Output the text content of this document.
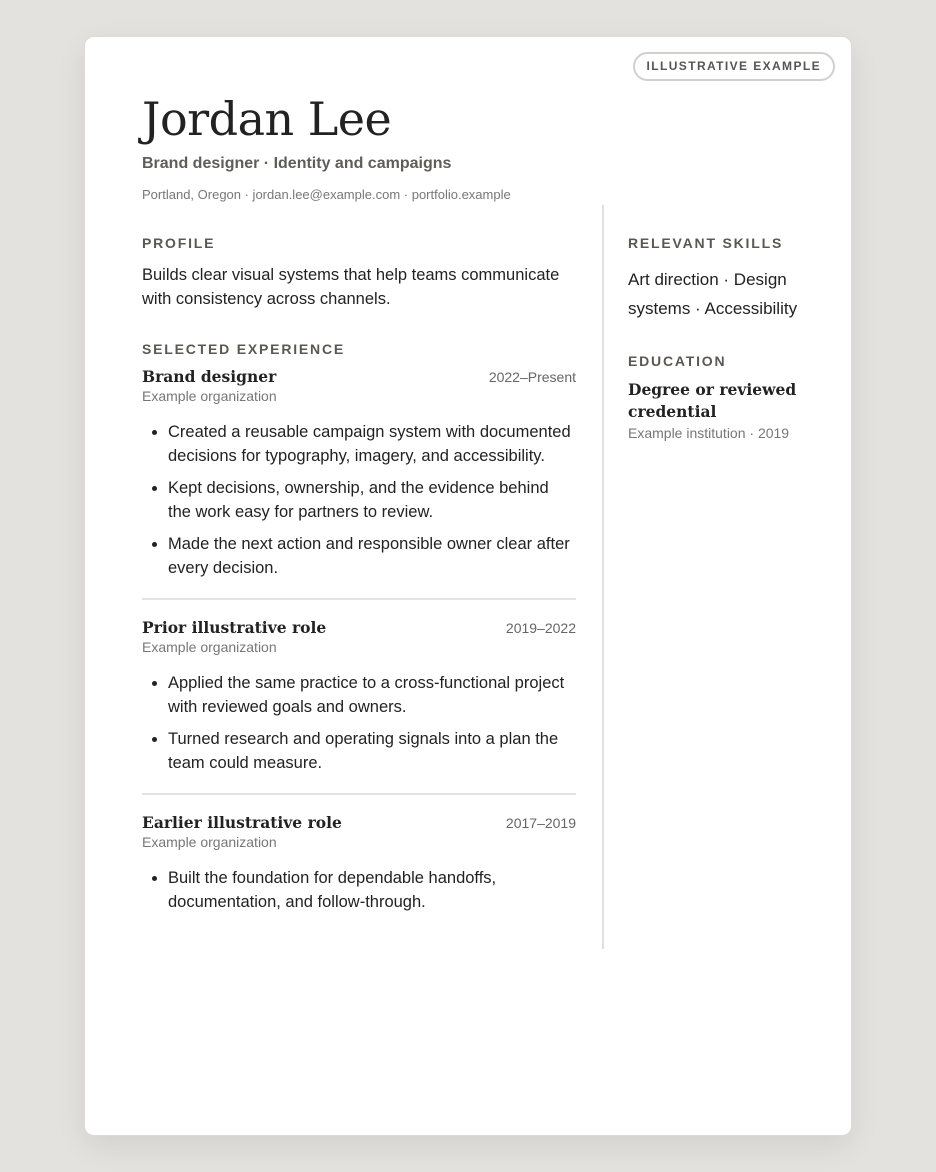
ILLUSTRATIVE EXAMPLE
Jordan Lee
Brand designer · Identity and campaigns
Portland, Oregon · jordan.lee@example.com · portfolio.example
PROFILE

Builds clear visual systems that help teams communicate with consistency across channels.

SELECTED EXPERIENCE
Brand designer	2022–Present
Example organization
• Created a reusable campaign system with documented decisions for typography, imagery, and accessibility.
• Kept decisions, ownership, and the evidence behind the work easy for partners to review.
• Made the next action and responsible owner clear after every decision.
Prior illustrative role	2019–2022
Example organization
• Applied the same practice to a cross-functional project with reviewed goals and owners.
• Turned research and operating signals into a plan the team could measure.
Earlier illustrative role	2017–2019
Example organization
• Built the foundation for dependable handoffs, documentation, and follow-through.
RELEVANT SKILLS

Art direction · Design systems · Accessibility

EDUCATION
Degree or reviewed credential
Example institution · 2019
